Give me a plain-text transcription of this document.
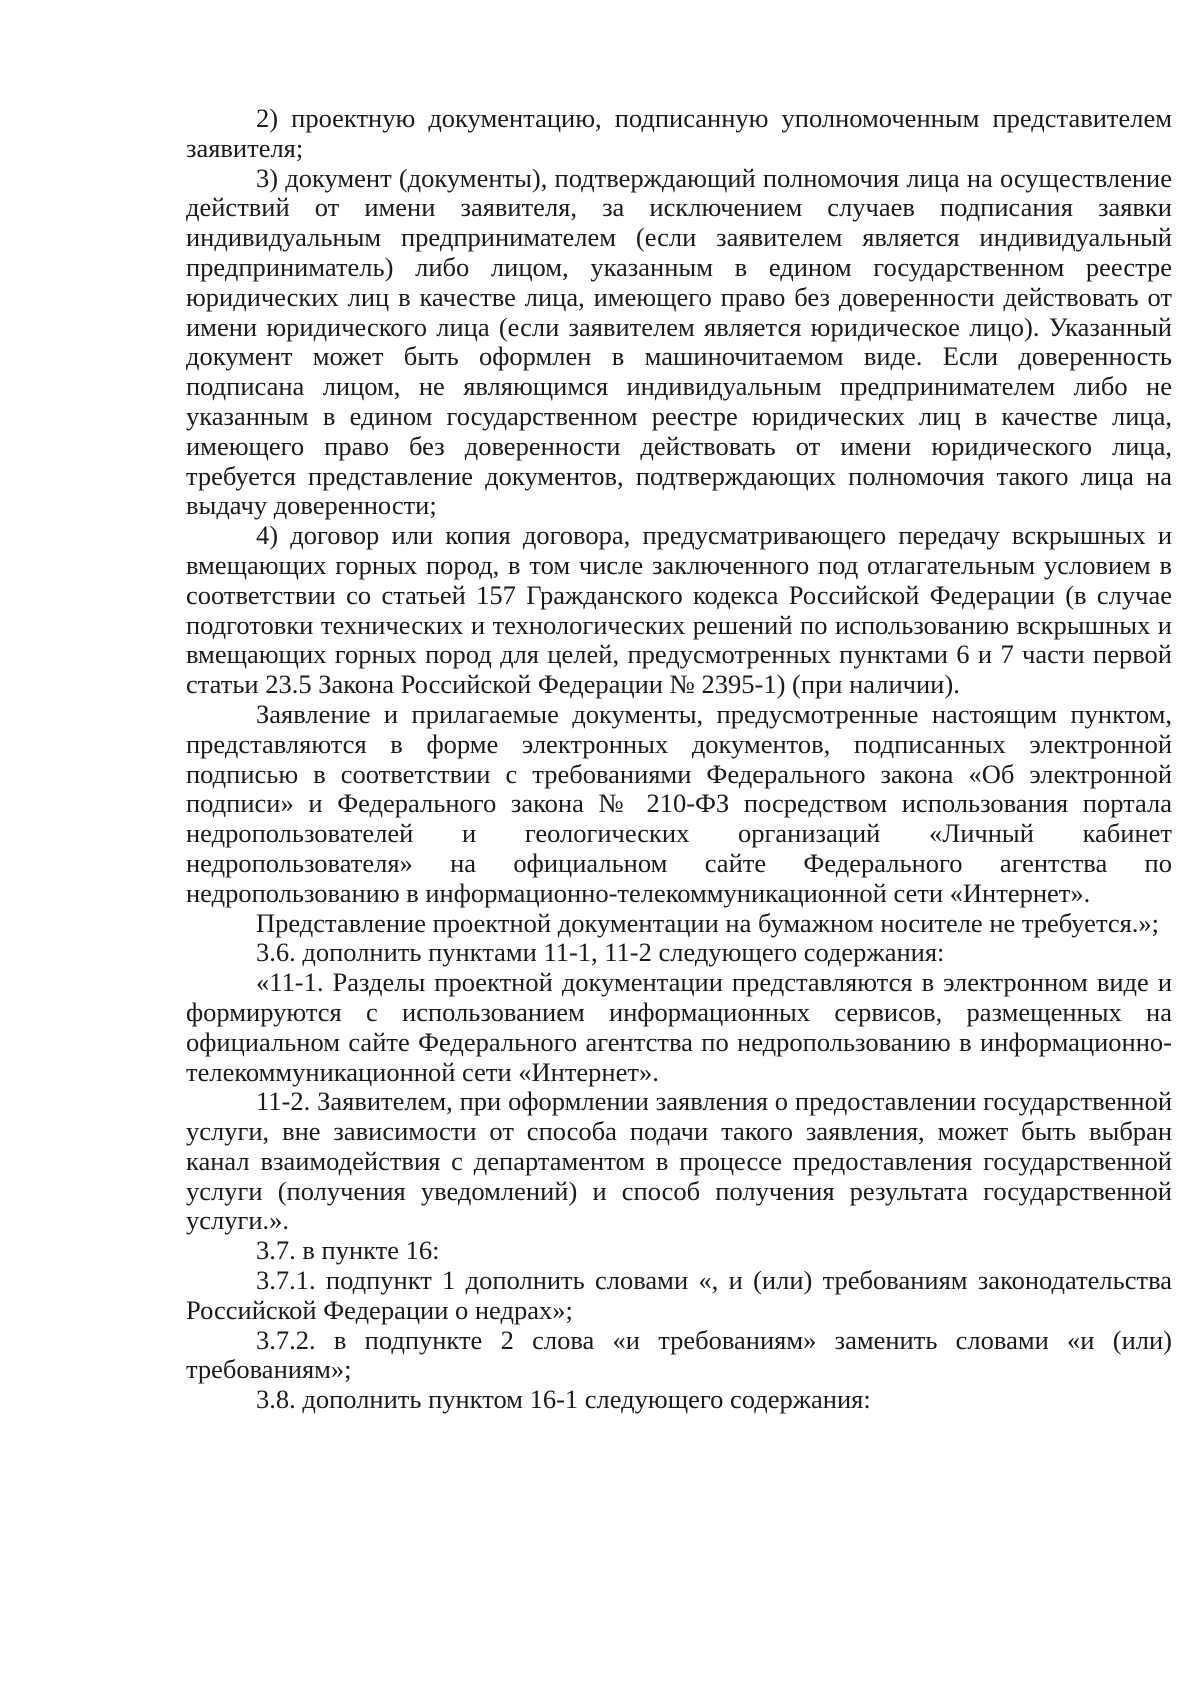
2) проектную документацию, подписанную уполномоченным представителем заявителя;

3) документ (документы), подтверждающий полномочия лица на осуществление действий от имени заявителя, за исключением случаев подписания заявки индивидуальным предпринимателем (если заявителем является индивидуальный предприниматель) либо лицом, указанным в едином государственном реестре юридических лиц в качестве лица, имеющего право без доверенности действовать от имени юридического лица (если заявителем является юридическое лицо). Указанный документ может быть оформлен в машиночитаемом виде. Если доверенность подписана лицом, не являющимся индивидуальным предпринимателем либо не указанным в едином государственном реестре юридических лиц в качестве лица, имеющего право без доверенности действовать от имени юридического лица, требуется представление документов, подтверждающих полномочия такого лица на выдачу доверенности;

4) договор или копия договора, предусматривающего передачу вскрышных и вмещающих горных пород, в том числе заключенного под отлагательным условием в соответствии со статьей 157 Гражданского кодекса Российской Федерации (в случае подготовки технических и технологических решений по использованию вскрышных и вмещающих горных пород для целей, предусмотренных пунктами 6 и 7 части первой статьи 23.5 Закона Российской Федерации № 2395-1) (при наличии).

Заявление и прилагаемые документы, предусмотренные настоящим пунктом, представляются в форме электронных документов, подписанных электронной подписью в соответствии с требованиями Федерального закона «Об электронной подписи» и Федерального закона № 210-ФЗ посредством использования портала недропользователей и геологических организаций «Личный кабинет недропользователя» на официальном сайте Федерального агентства по недропользованию в информационно-телекоммуникационной сети «Интернет».

Представление проектной документации на бумажном носителе не требуется.»;

3.6. дополнить пунктами 11-1, 11-2 следующего содержания:

«11-1. Разделы проектной документации представляются в электронном виде и формируются с использованием информационных сервисов, размещенных на официальном сайте Федерального агентства по недропользованию в информационно-телекоммуникационной сети «Интернет».

11-2. Заявителем, при оформлении заявления о предоставлении государственной услуги, вне зависимости от способа подачи такого заявления, может быть выбран канал взаимодействия с департаментом в процессе предоставления государственной услуги (получения уведомлений) и способ получения результата государственной услуги.».

3.7. в пункте 16:

3.7.1. подпункт 1 дополнить словами «, и (или) требованиям законодательства Российской Федерации о недрах»;

3.7.2. в подпункте 2 слова «и требованиям» заменить словами «и (или) требованиям»;

3.8. дополнить пунктом 16-1 следующего содержания:
